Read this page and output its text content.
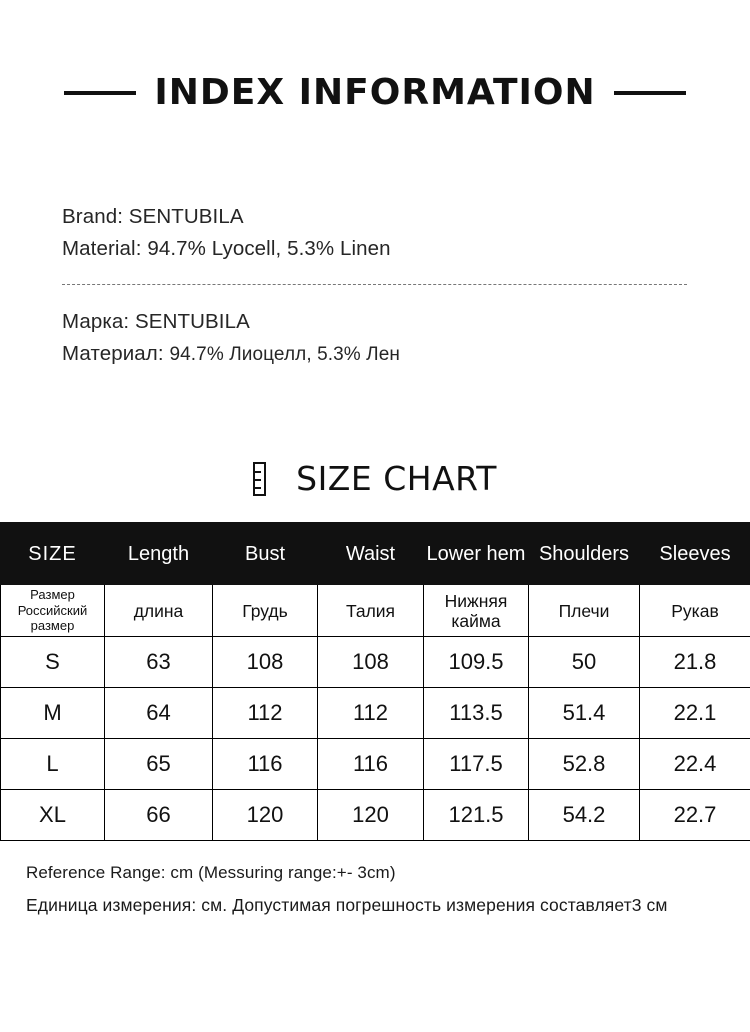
INDEX INFORMATION
Brand: SENTUBILA
Material: 94.7% Lyocell, 5.3% Linen
Марка: SENTUBILA
Материал: 94.7% Лиоцелл, 5.3% Лен
SIZE CHART
SIZE	Length	Bust	Waist	Lower hem	Shoulders	Sleeves
Размер Российский размер	длина	Грудь	Талия	Нижняя кайма	Плечи	Рукав
S	63	108	108	109.5	50	21.8
M	64	112	112	113.5	51.4	22.1
L	65	116	116	117.5	52.8	22.4
XL	66	120	120	121.5	54.2	22.7
Reference Range: cm (Messuring range:+- 3cm)
Единица измерения: см. Допустимая погрешность измерения составляет3 см
